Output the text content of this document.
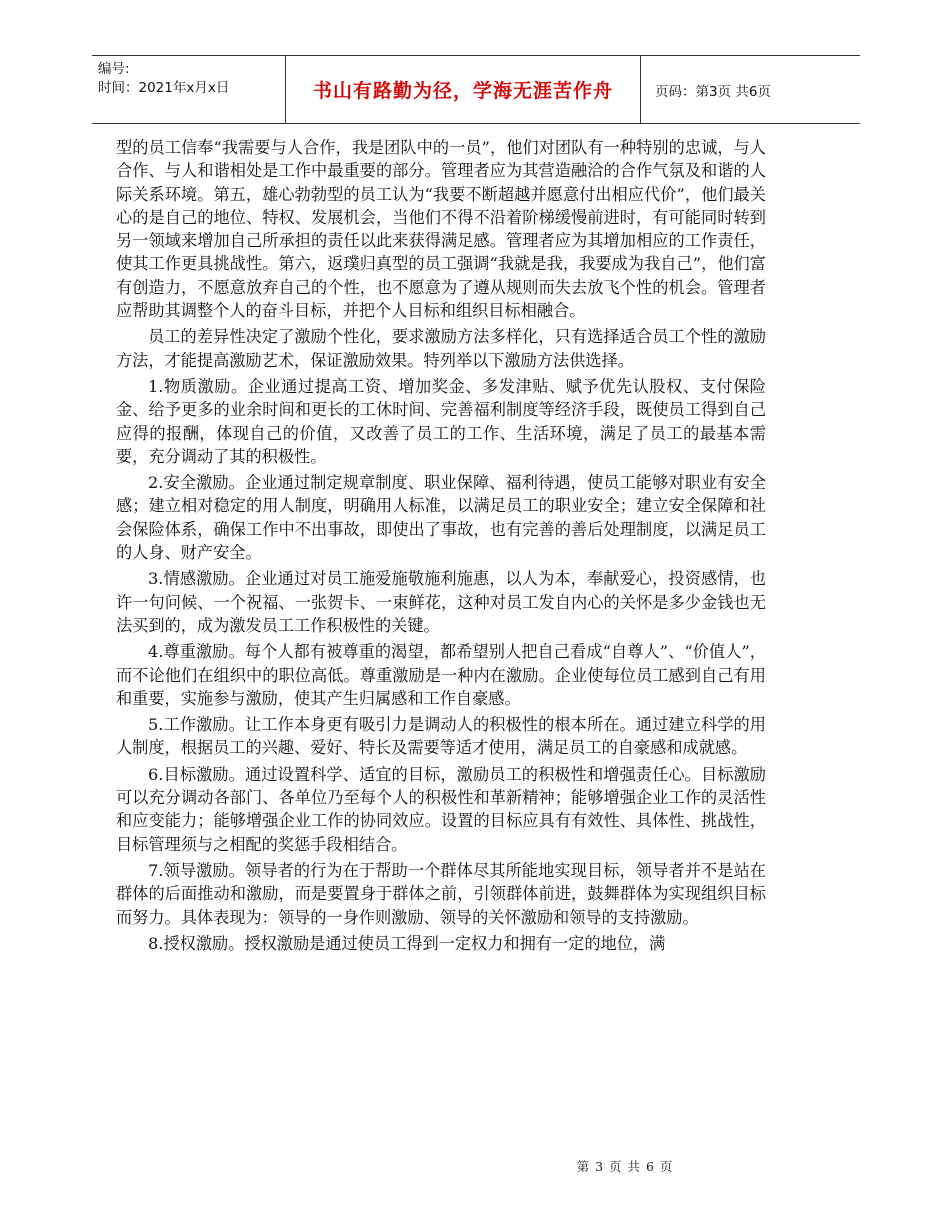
编号:
时间：2021年x月x日	书山有路勤为径，学海无涯苦作舟	页码：第3页 共6页

型的员工信奉“我需要与人合作，我是团队中的一员”，他们对团队有一种特别的忠诚，与人合作、与人和谐相处是工作中最重要的部分。管理者应为其营造融洽的合作气氛及和谐的人际关系环境。第五，雄心勃勃型的员工认为“我要不断超越并愿意付出相应代价”，他们最关心的是自己的地位、特权、发展机会，当他们不得不沿着阶梯缓慢前进时，有可能同时转到另一领域来增加自己所承担的责任以此来获得满足感。管理者应为其增加相应的工作责任，使其工作更具挑战性。第六，返璞归真型的员工强调“我就是我，我要成为我自己”，他们富有创造力，不愿意放弃自己的个性，也不愿意为了遵从规则而失去放飞个性的机会。管理者应帮助其调整个人的奋斗目标，并把个人目标和组织目标相融合。

员工的差异性决定了激励个性化，要求激励方法多样化，只有选择适合员工个性的激励方法，才能提高激励艺术，保证激励效果。特列举以下激励方法供选择。

1.物质激励。企业通过提高工资、增加奖金、多发津贴、赋予优先认股权、支付保险金、给予更多的业余时间和更长的工休时间、完善福利制度等经济手段，既使员工得到自己应得的报酬，体现自己的价值，又改善了员工的工作、生活环境，满足了员工的最基本需要，充分调动了其的积极性。

2.安全激励。企业通过制定规章制度、职业保障、福利待遇，使员工能够对职业有安全感；建立相对稳定的用人制度，明确用人标准，以满足员工的职业安全；建立安全保障和社会保险体系，确保工作中不出事故，即使出了事故，也有完善的善后处理制度，以满足员工的人身、财产安全。

3.情感激励。企业通过对员工施爱施敬施利施惠，以人为本，奉献爱心，投资感情，也许一句问候、一个祝福、一张贺卡、一束鲜花，这种对员工发自内心的关怀是多少金钱也无法买到的，成为激发员工工作积极性的关键。

4.尊重激励。每个人都有被尊重的渴望，都希望别人把自己看成“自尊人”、“价值人”，而不论他们在组织中的职位高低。尊重激励是一种内在激励。企业使每位员工感到自己有用和重要，实施参与激励，使其产生归属感和工作自豪感。

5.工作激励。让工作本身更有吸引力是调动人的积极性的根本所在。通过建立科学的用人制度，根据员工的兴趣、爱好、特长及需要等适才使用，满足员工的自豪感和成就感。

6.目标激励。通过设置科学、适宜的目标，激励员工的积极性和增强责任心。目标激励可以充分调动各部门、各单位乃至每个人的积极性和革新精神；能够增强企业工作的灵活性和应变能力；能够增强企业工作的协同效应。设置的目标应具有有效性、具体性、挑战性，目标管理须与之相配的奖惩手段相结合。

7.领导激励。领导者的行为在于帮助一个群体尽其所能地实现目标，领导者并不是站在群体的后面推动和激励，而是要置身于群体之前，引领群体前进，鼓舞群体为实现组织目标而努力。具体表现为：领导的一身作则激励、领导的关怀激励和领导的支持激励。

8.授权激励。授权激励是通过使员工得到一定权力和拥有一定的地位，满

第 3 页 共 6 页
